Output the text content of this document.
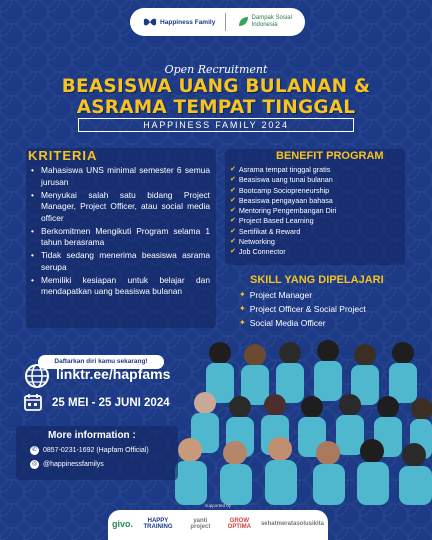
Happiness Family
Dampak Sosial
Indonesia
Open Recruitment
BEASISWA UANG BULANAN &
ASRAMA TEMPAT TINGGAL
HAPPINESS FAMILY 2024
KRITERIA
• Mahasiswa UNS minimal semester 6 semua jurusan
• Menyukai salah satu bidang Project Manager, Project Officer, atau social media officer
• Berkomitmen Mengikuti Program selama 1 tahun berasrama
• Tidak sedang menerima beasiswa asrama serupa
• Memiliki kesiapan untuk belajar dan mendapatkan uang beasiswa bulanan
BENEFIT PROGRAM
✔ Asrama tempat tinggal gratis
✔ Beasiswa uang tunai bulanan
✔ Bootcamp Sociopreneurship
✔ Beasiswa pengayaan bahasa
✔ Mentoring Pengembangan Diri
✔ Project Based Learning
✔ Sertifikat & Reward
✔ Networking
✔ Job Connector
SKILL YANG DIPELAJARI
✦ Project Manager
✦ Project Officer & Social Project
✦ Social Media Officer
Daftarkan diri kamu sekarang!
linktr.ee/hapfams
25 MEI - 25 JUNI 2024
More information :
✆ 0857-0231-1692 (Hapfam Official)
◎ @happinessfamilys
supported by
givo.	HAPPY TRAINING
yanti project
GROW OPTIMA	sehatmerata solusikita
